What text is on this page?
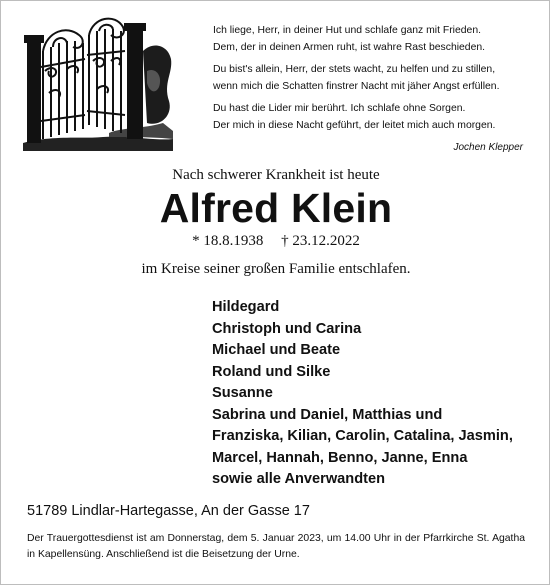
Ich liege, Herr, in deiner Hut und schlafe ganz mit Frieden.
Dem, der in deinen Armen ruht, ist wahre Rast beschieden.
Du bist's allein, Herr, der stets wacht, zu helfen und zu stillen,
wenn mich die Schatten finstrer Nacht mit jäher Angst erfüllen.
Du hast die Lider mir berührt. Ich schlafe ohne Sorgen.
Der mich in diese Nacht geführt, der leitet mich auch morgen.
Jochen Klepper
Nach schwerer Krankheit ist heute
Alfred Klein
* 18.8.1938 † 23.12.2022
im Kreise seiner großen Familie entschlafen.
Hildegard
Christoph und Carina
Michael und Beate
Roland und Silke
Susanne
Sabrina und Daniel, Matthias und
Franziska, Kilian, Carolin, Catalina, Jasmin,
Marcel, Hannah, Benno, Janne, Enna
sowie alle Anverwandten
51789 Lindlar-Hartegasse, An der Gasse 17
Der Trauergottesdienst ist am Donnerstag, dem 5. Januar 2023, um 14.00 Uhr in der Pfarrkirche St. Agatha in Kapellensüng. Anschließend ist die Beisetzung der Urne.
